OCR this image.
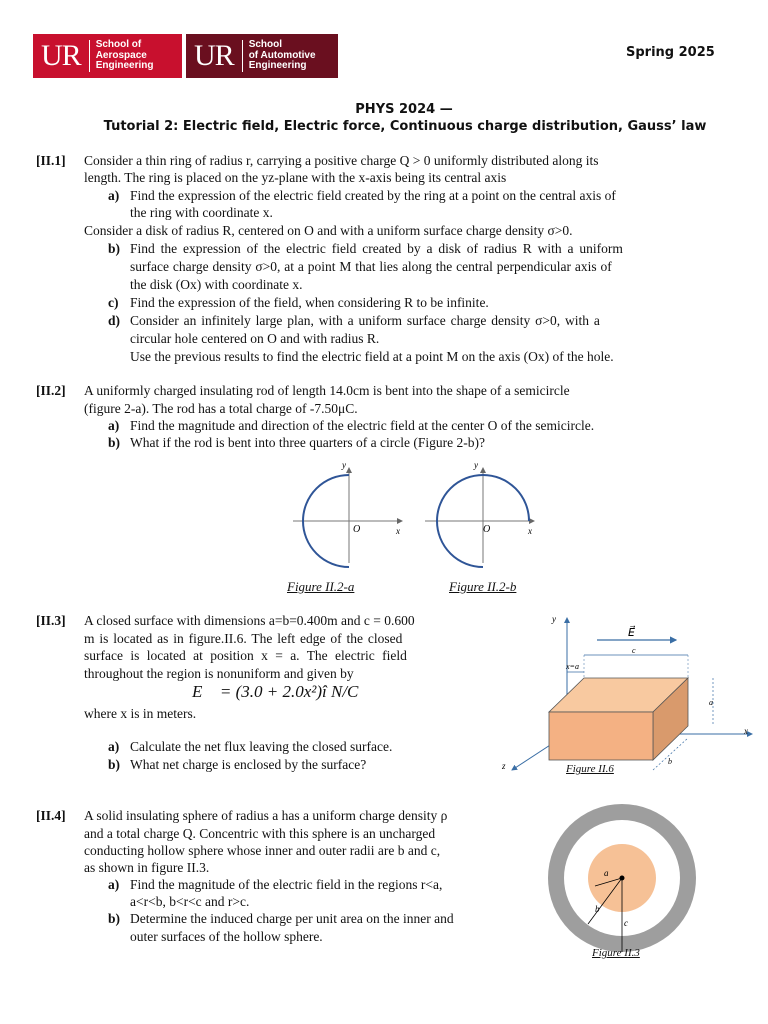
UR	School of
Aerospace
Engineering UR	School
of Automotive
Engineering
Spring 2025
PHYS 2024 —
Tutorial 2: Electric field, Electric force, Continuous charge distribution, Gauss’ law
[II.1] Consider a thin ring of radius r, carrying a positive charge Q > 0 uniformly distributed along its
length. The ring is placed on the yz-plane with the x-axis being its central axis
a) Find the expression of the electric field created by the ring at a point on the central axis of
the ring with coordinate x.
Consider a disk of radius R, centered on O and with a uniform surface charge density σ>0.
b) Find the expression of the electric field created by a disk of radius R with a uniform
surface charge density σ>0, at a point M that lies along the central perpendicular axis of
the disk (Ox) with coordinate x.
c) Find the expression of the field, when considering R to be infinite.
d) Consider an infinitely large plan, with a uniform surface charge density σ>0, with a
circular hole centered on O and with radius R.
Use the previous results to find the electric field at a point M on the axis (Ox) of the hole.
[II.2] A uniformly charged insulating rod of length 14.0cm is bent into the shape of a semicircle
(figure 2-a). The rod has a total charge of -7.50μC.
a) Find the magnitude and direction of the electric field at the center O of the semicircle.
b) What if the rod is bent into three quarters of a circle (Figure 2-b)?
y
x
O
Figure II.2-a
y
x
O
Figure II.2-b
[II.3] A closed surface with dimensions a=b=0.400m and c = 0.600
m is located as in figure.II.6. The left edge of the closed
surface is located at position x = a. The electric field
throughout the region is nonuniform and given by
E⃗ = (3.0 + 2.0x²)î N/C
where x is in meters.
a) Calculate the net flux leaving the closed surface.
b) What net charge is enclosed by the surface?
E⃗
c
x=a
a
b
y
x
z	Figure II.6
[II.4] A solid insulating sphere of radius a has a uniform charge density ρ
and a total charge Q. Concentric with this sphere is an uncharged
conducting hollow sphere whose inner and outer radii are b and c,
as shown in figure II.3.
a) Find the magnitude of the electric field in the regions r<a,
a<r<b, b<r<c and r>c.
b) Determine the induced charge per unit area on the inner and
outer surfaces of the hollow sphere.
a
b
c
Figure II.3
